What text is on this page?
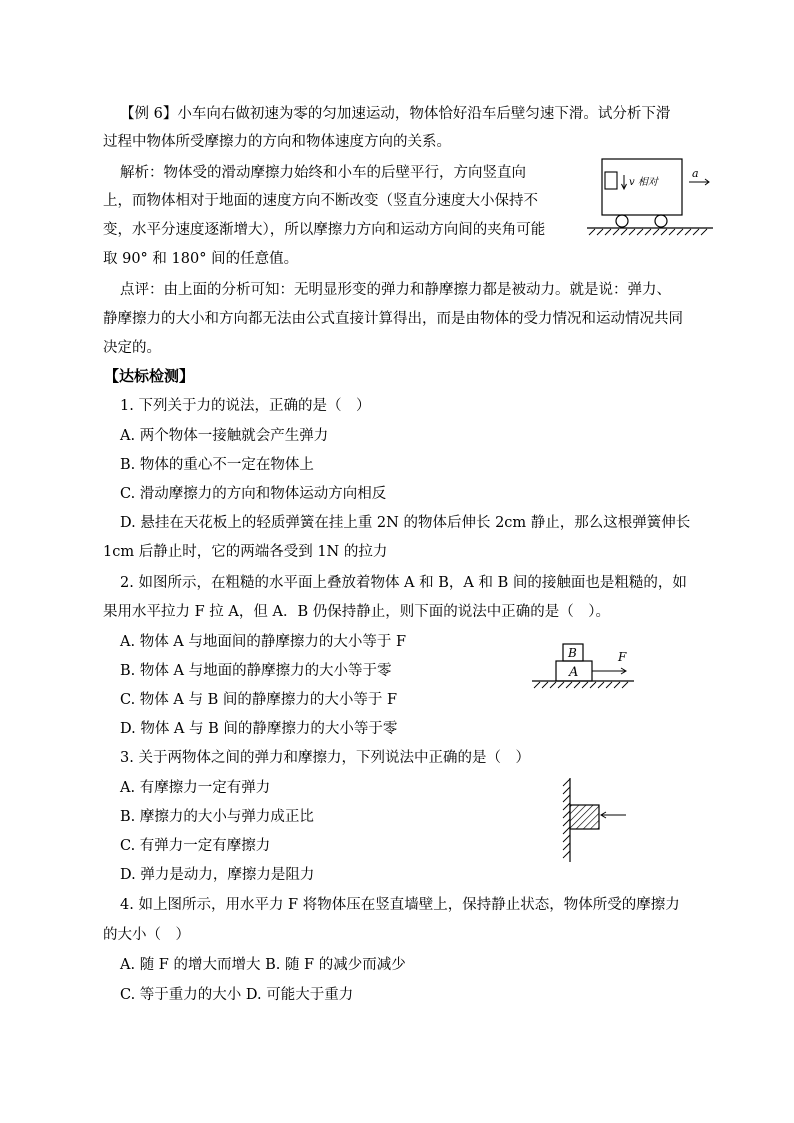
【例 6】小车向右做初速为零的匀加速运动，物体恰好沿车后壁匀速下滑。试分析下滑
过程中物体所受摩擦力的方向和物体速度方向的关系。
解析：物体受的滑动摩擦力始终和小车的后壁平行，方向竖直向
上，而物体相对于地面的速度方向不断改变（竖直分速度大小保持不
变，水平分速度逐渐增大），所以摩擦力方向和运动方向间的夹角可能
取 90° 和 180° 间的任意值。
v 相对
a
点评：由上面的分析可知：无明显形变的弹力和静摩擦力都是被动力。就是说：弹力、
静摩擦力的大小和方向都无法由公式直接计算得出，而是由物体的受力情况和运动情况共同
决定的。
【达标检测】
1. 下列关于力的说法，正确的是（　）
A. 两个物体一接触就会产生弹力
B. 物体的重心不一定在物体上
C. 滑动摩擦力的方向和物体运动方向相反
D. 悬挂在天花板上的轻质弹簧在挂上重 2N 的物体后伸长 2cm 静止，那么这根弹簧伸长
1cm 后静止时，它的两端各受到 1N 的拉力
2. 如图所示，在粗糙的水平面上叠放着物体 A 和 B，A 和 B 间的接触面也是粗糙的，如
果用水平拉力 F 拉 A，但 A．B 仍保持静止，则下面的说法中正确的是（　）。
A. 物体 A 与地面间的静摩擦力的大小等于 F
B. 物体 A 与地面的静摩擦力的大小等于零
C. 物体 A 与 B 间的静摩擦力的大小等于 F
D. 物体 A 与 B 间的静摩擦力的大小等于零
B
A
F
3. 关于两物体之间的弹力和摩擦力，下列说法中正确的是（　）
A. 有摩擦力一定有弹力
B. 摩擦力的大小与弹力成正比
C. 有弹力一定有摩擦力
D. 弹力是动力，摩擦力是阻力
4. 如上图所示，用水平力 F 将物体压在竖直墙壁上，保持静止状态，物体所受的摩擦力
的大小（　）
A. 随 F 的增大而增大 B. 随 F 的减少而减少
C. 等于重力的大小 D. 可能大于重力
